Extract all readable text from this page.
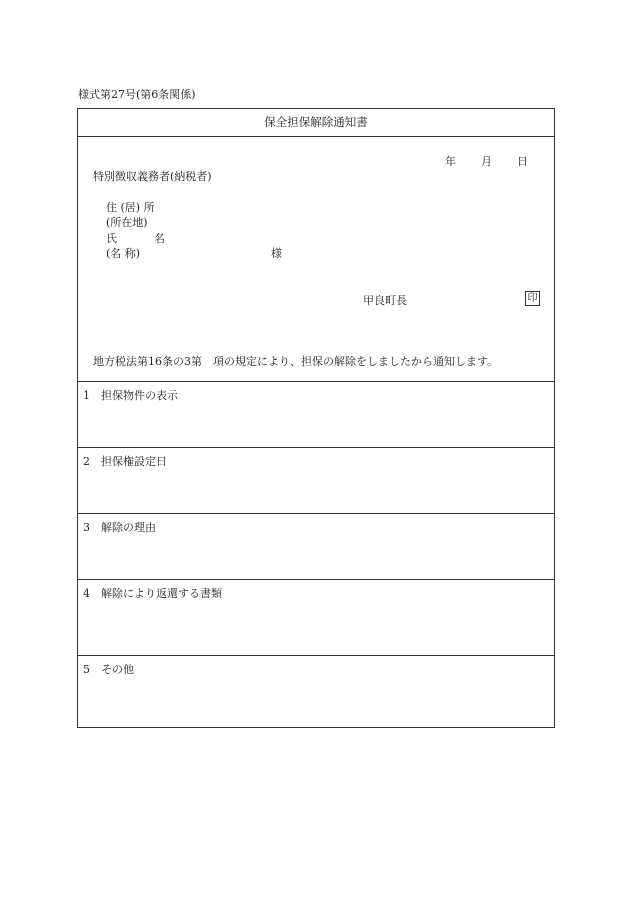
様式第27号(第6条関係)
保全担保解除通知書
年 月 日
特別徴収義務者(納税者)
住 (居) 所
(所在地)
氏	名
(名 称)	様
甲良町長	印
地方税法第16条の3第　項の規定により、担保の解除をしましたから通知します。
1 担保物件の表示
2 担保権設定日
3 解除の理由
4 解除により返還する書類
5 その他
